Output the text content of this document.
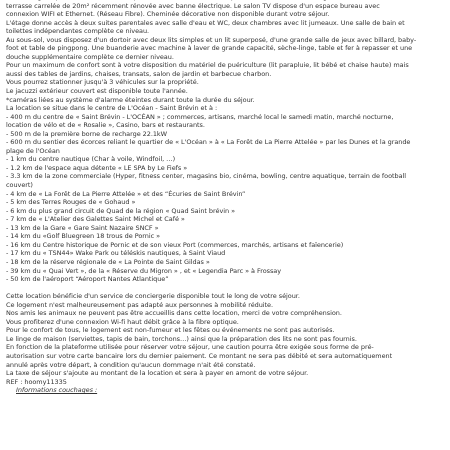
terrasse carrelée de 20m² récemment rénovée avec banne électrique. Le salon TV dispose d'un espace bureau avec
connexion WIFI et Ethernet. (Réseau Fibre). Cheminée décorative non disponible durant votre séjour.
L'étage donne accès à deux suites parentales avec salle d'eau et WC, deux chambres avec lit jumeaux. Une salle de bain et
toilettes indépendantes complète ce niveau.
Au sous-sol, vous disposez d'un dortoir avec deux lits simples et un lit superposé, d'une grande salle de jeux avec billard, baby-
foot et table de pingpong. Une buanderie avec machine à laver de grande capacité, sèche-linge, table et fer à repasser et une
douche supplémentaire complète ce dernier niveau.
Pour un maximum de confort sont à votre disposition du matériel de puériculture (lit parapluie, lit bébé et chaise haute) mais
aussi des tables de jardins, chaises, transats, salon de jardin et barbecue charbon.
Vous pourrez stationner jusqu'à 3 véhicules sur la propriété.
Le jacuzzi extérieur couvert est disponible toute l'année.
*caméras liées au système d'alarme éteintes durant toute la durée du séjour.
La location se situe dans le centre de L'Océan - Saint Brévin et à :
- 400 m du centre de « Saint Brévin - L'OCÉAN » ; commerces, artisans, marché local le samedi matin, marché nocturne,
location de vélo et de « Rosalie », Casino, bars et restaurants.
- 500 m de la première borne de recharge 22.1kW
- 600 m du sentier des écorces reliant le quartier de « L'Océan » à « La Forêt de La Pierre Attelée » par les Dunes et la grande
plage de l'Océan
- 1 km du centre nautique (Char à voile, Windfoil, …)
- 1.2 km de l'espace aqua détente « LE SPA by Le Fiefs »
- 3.3 km de la zone commerciale (Hyper, fitness center, magasins bio, cinéma, bowling, centre aquatique, terrain de football
couvert)
- 4 km de « La Forêt de La Pierre Attelée » et des “Écuries de Saint Brévin”
- 5 km des Terres Rouges de « Gohaud »
- 6 km du plus grand circuit de Quad de la région « Quad Saint brévin »
- 7 km de « L'Atelier des Galettes Saint Michel et Café »
- 13 km de la Gare « Gare Saint Nazaire SNCF »
- 14 km du «Golf Bluegreen 18 trous de Pornic »
- 16 km du Centre historique de Pornic et de son vieux Port (commerces, marchés, artisans et faïencerie)
- 17 km du « TSN44» Wake Park ou téléskis nautiques, à Saint Viaud
- 18 km de la réserve régionale de « La Pointe de Saint Gildas »
- 39 km du « Quai Vert », de la « Réserve du Migron » , et « Legendia Parc » à Frossay
- 50 km de l'aéroport “Aéroport Nantes Atlantique”
Cette location bénéficie d'un service de conciergerie disponible tout le long de votre séjour.
Ce logement n'est malheureusement pas adapté aux personnes à mobilité réduite.
Nos amis les animaux ne peuvent pas être accueillis dans cette location, merci de votre compréhension.
Vous profiterez d'une connexion Wi-fi haut débit grâce à la fibre optique.
Pour le confort de tous, le logement est non-fumeur et les fêtes ou événements ne sont pas autorisés.
Le linge de maison (serviettes, tapis de bain, torchons…) ainsi que la préparation des lits ne sont pas fournis.
En fonction de la plateforme utilisée pour réserver votre séjour, une caution pourra être exigée sous forme de pré-
autorisation sur votre carte bancaire lors du dernier paiement. Ce montant ne sera pas débité et sera automatiquement
annulé après votre départ, à condition qu'aucun dommage n'ait été constaté.
La taxe de séjour s'ajoute au montant de la location et sera à payer en amont de votre séjour.
REF : hoomy11335
Informations couchages :
